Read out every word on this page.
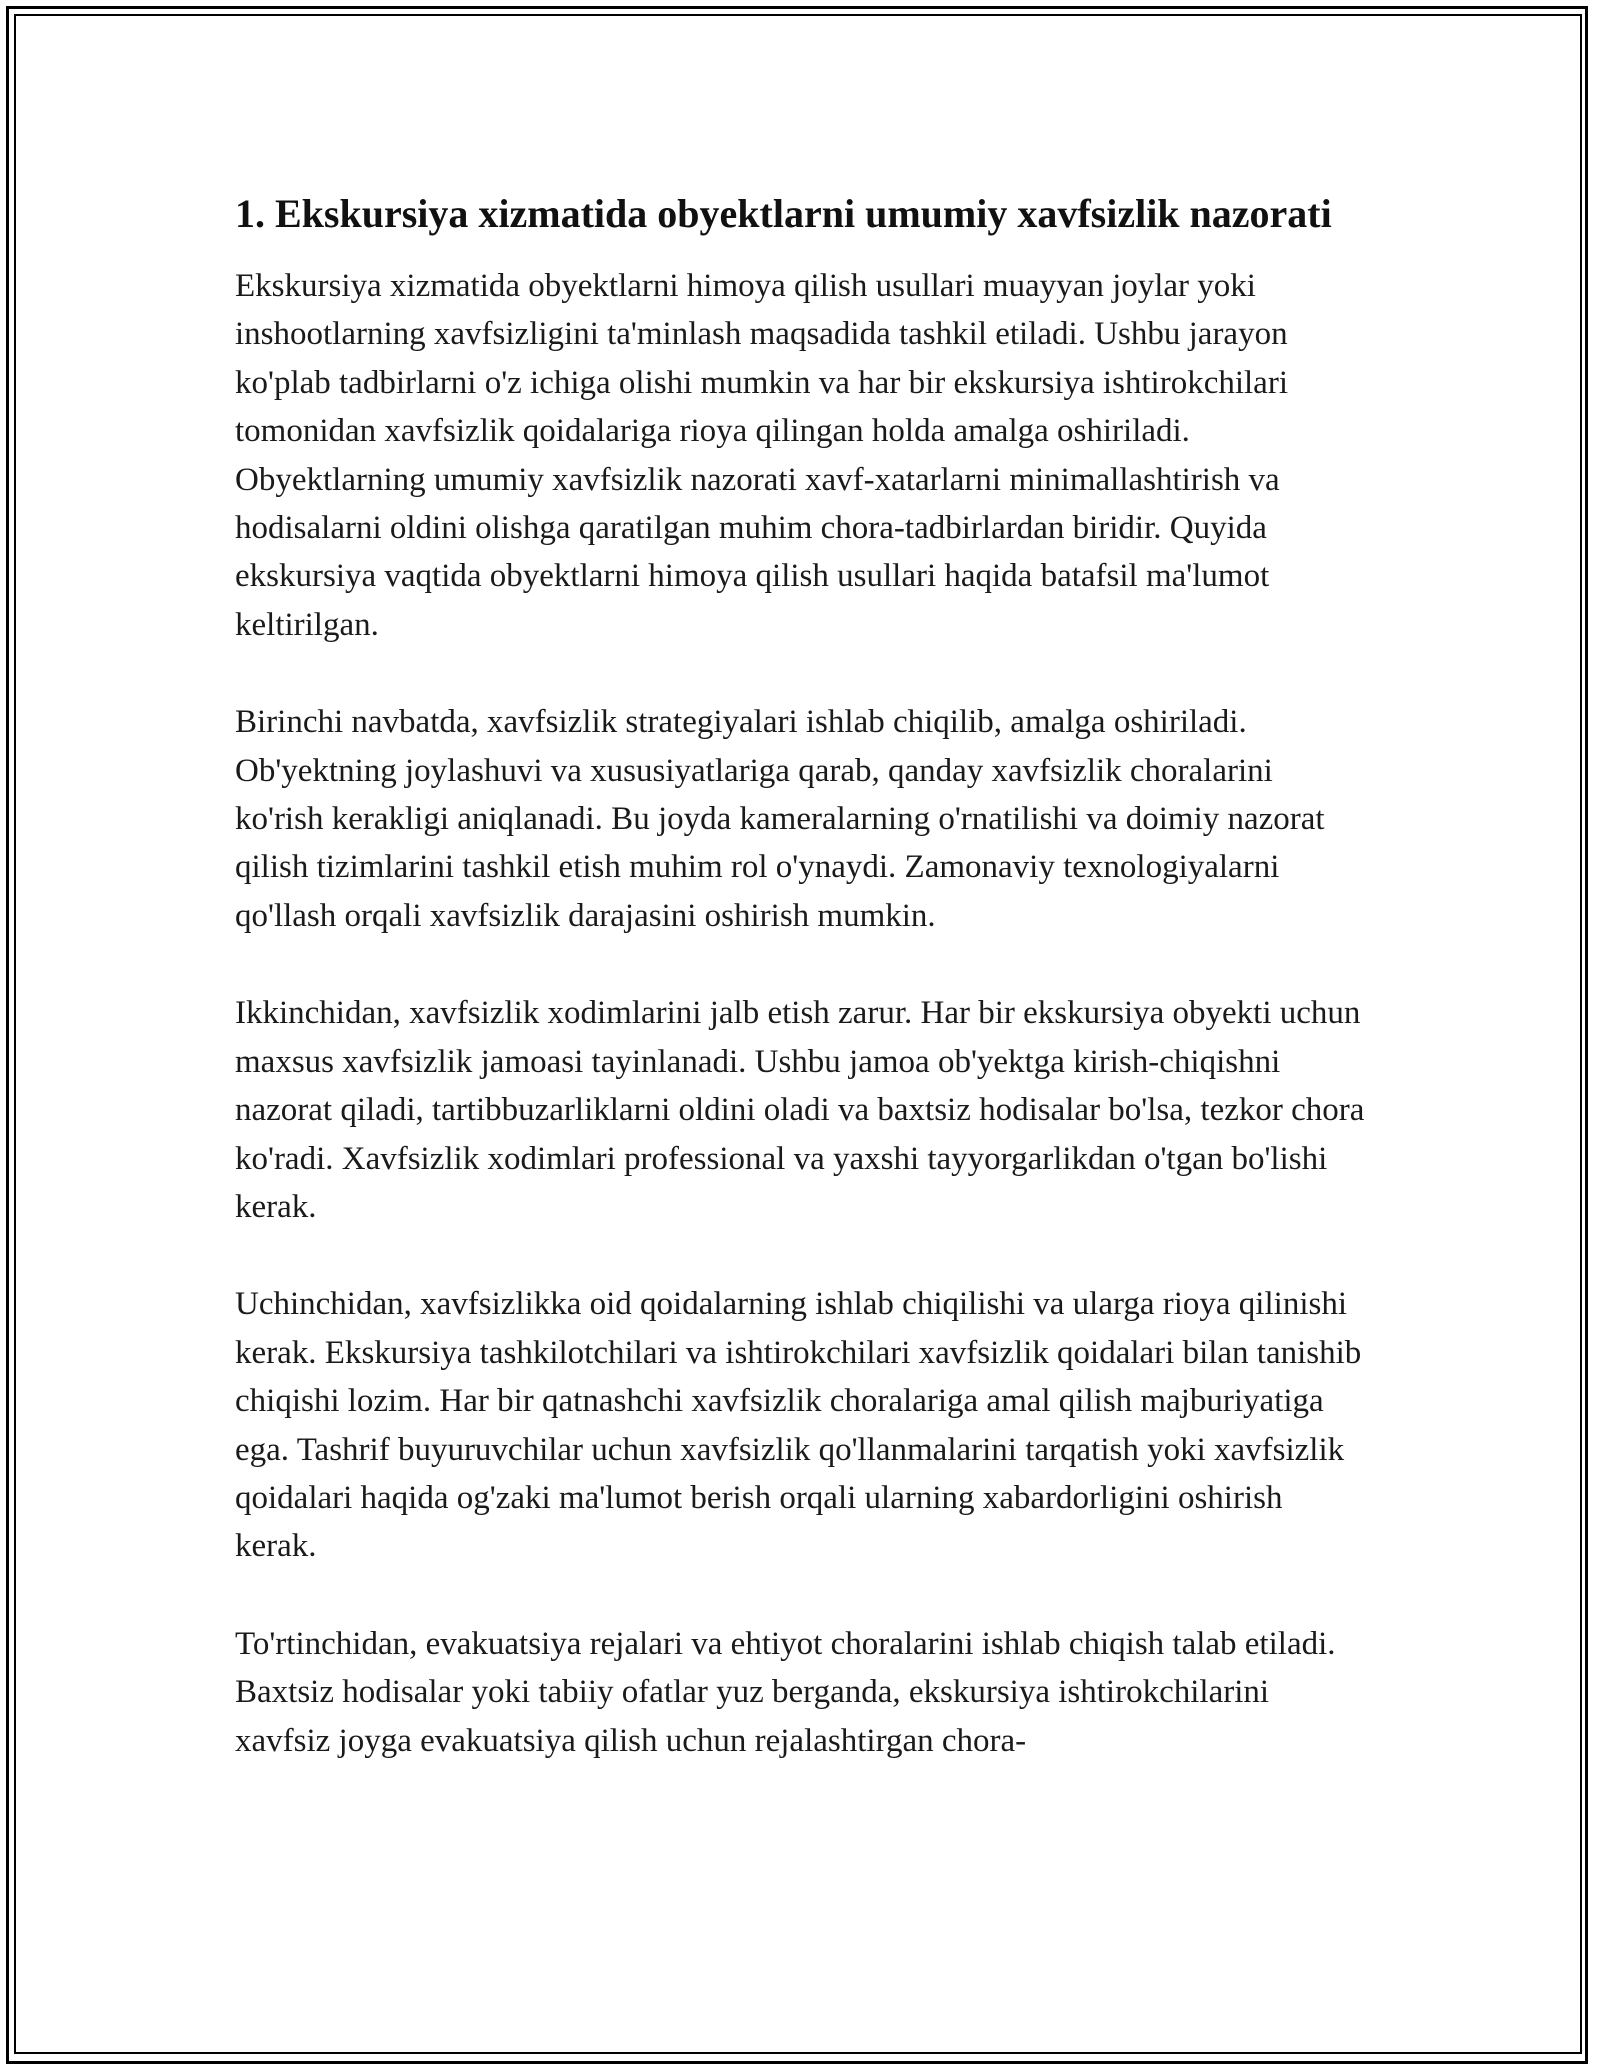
1. Ekskursiya xizmatida obyektlarni umumiy xavfsizlik nazorati

Ekskursiya xizmatida obyektlarni himoya qilish usullari muayyan joylar yoki inshootlarning xavfsizligini ta'minlash maqsadida tashkil etiladi. Ushbu jarayon ko'plab tadbirlarni o'z ichiga olishi mumkin va har bir ekskursiya ishtirokchilari tomonidan xavfsizlik qoidalariga rioya qilingan holda amalga oshiriladi. Obyektlarning umumiy xavfsizlik nazorati xavf-xatarlarni minimallashtirish va hodisalarni oldini olishga qaratilgan muhim chora-tadbirlardan biridir. Quyida ekskursiya vaqtida obyektlarni himoya qilish usullari haqida batafsil ma'lumot keltirilgan.

Birinchi navbatda, xavfsizlik strategiyalari ishlab chiqilib, amalga oshiriladi. Ob'yektning joylashuvi va xususiyatlariga qarab, qanday xavfsizlik choralarini ko'rish kerakligi aniqlanadi. Bu joyda kameralarning o'rnatilishi va doimiy nazorat qilish tizimlarini tashkil etish muhim rol o'ynaydi. Zamonaviy texnologiyalarni qo'llash orqali xavfsizlik darajasini oshirish mumkin.

Ikkinchidan, xavfsizlik xodimlarini jalb etish zarur. Har bir ekskursiya obyekti uchun maxsus xavfsizlik jamoasi tayinlanadi. Ushbu jamoa ob'yektga kirish-chiqishni nazorat qiladi, tartibbuzarliklarni oldini oladi va baxtsiz hodisalar bo'lsa, tezkor chora ko'radi. Xavfsizlik xodimlari professional va yaxshi tayyorgarlikdan o'tgan bo'lishi kerak.

Uchinchidan, xavfsizlikka oid qoidalarning ishlab chiqilishi va ularga rioya qilinishi kerak. Ekskursiya tashkilotchilari va ishtirokchilari xavfsizlik qoidalari bilan tanishib chiqishi lozim. Har bir qatnashchi xavfsizlik choralariga amal qilish majburiyatiga ega. Tashrif buyuruvchilar uchun xavfsizlik qo'llanmalarini tarqatish yoki xavfsizlik qoidalari haqida og'zaki ma'lumot berish orqali ularning xabardorligini oshirish kerak.

To'rtinchidan, evakuatsiya rejalari va ehtiyot choralarini ishlab chiqish talab etiladi. Baxtsiz hodisalar yoki tabiiy ofatlar yuz berganda, ekskursiya ishtirokchilarini xavfsiz joyga evakuatsiya qilish uchun rejalashtirgan chora-
